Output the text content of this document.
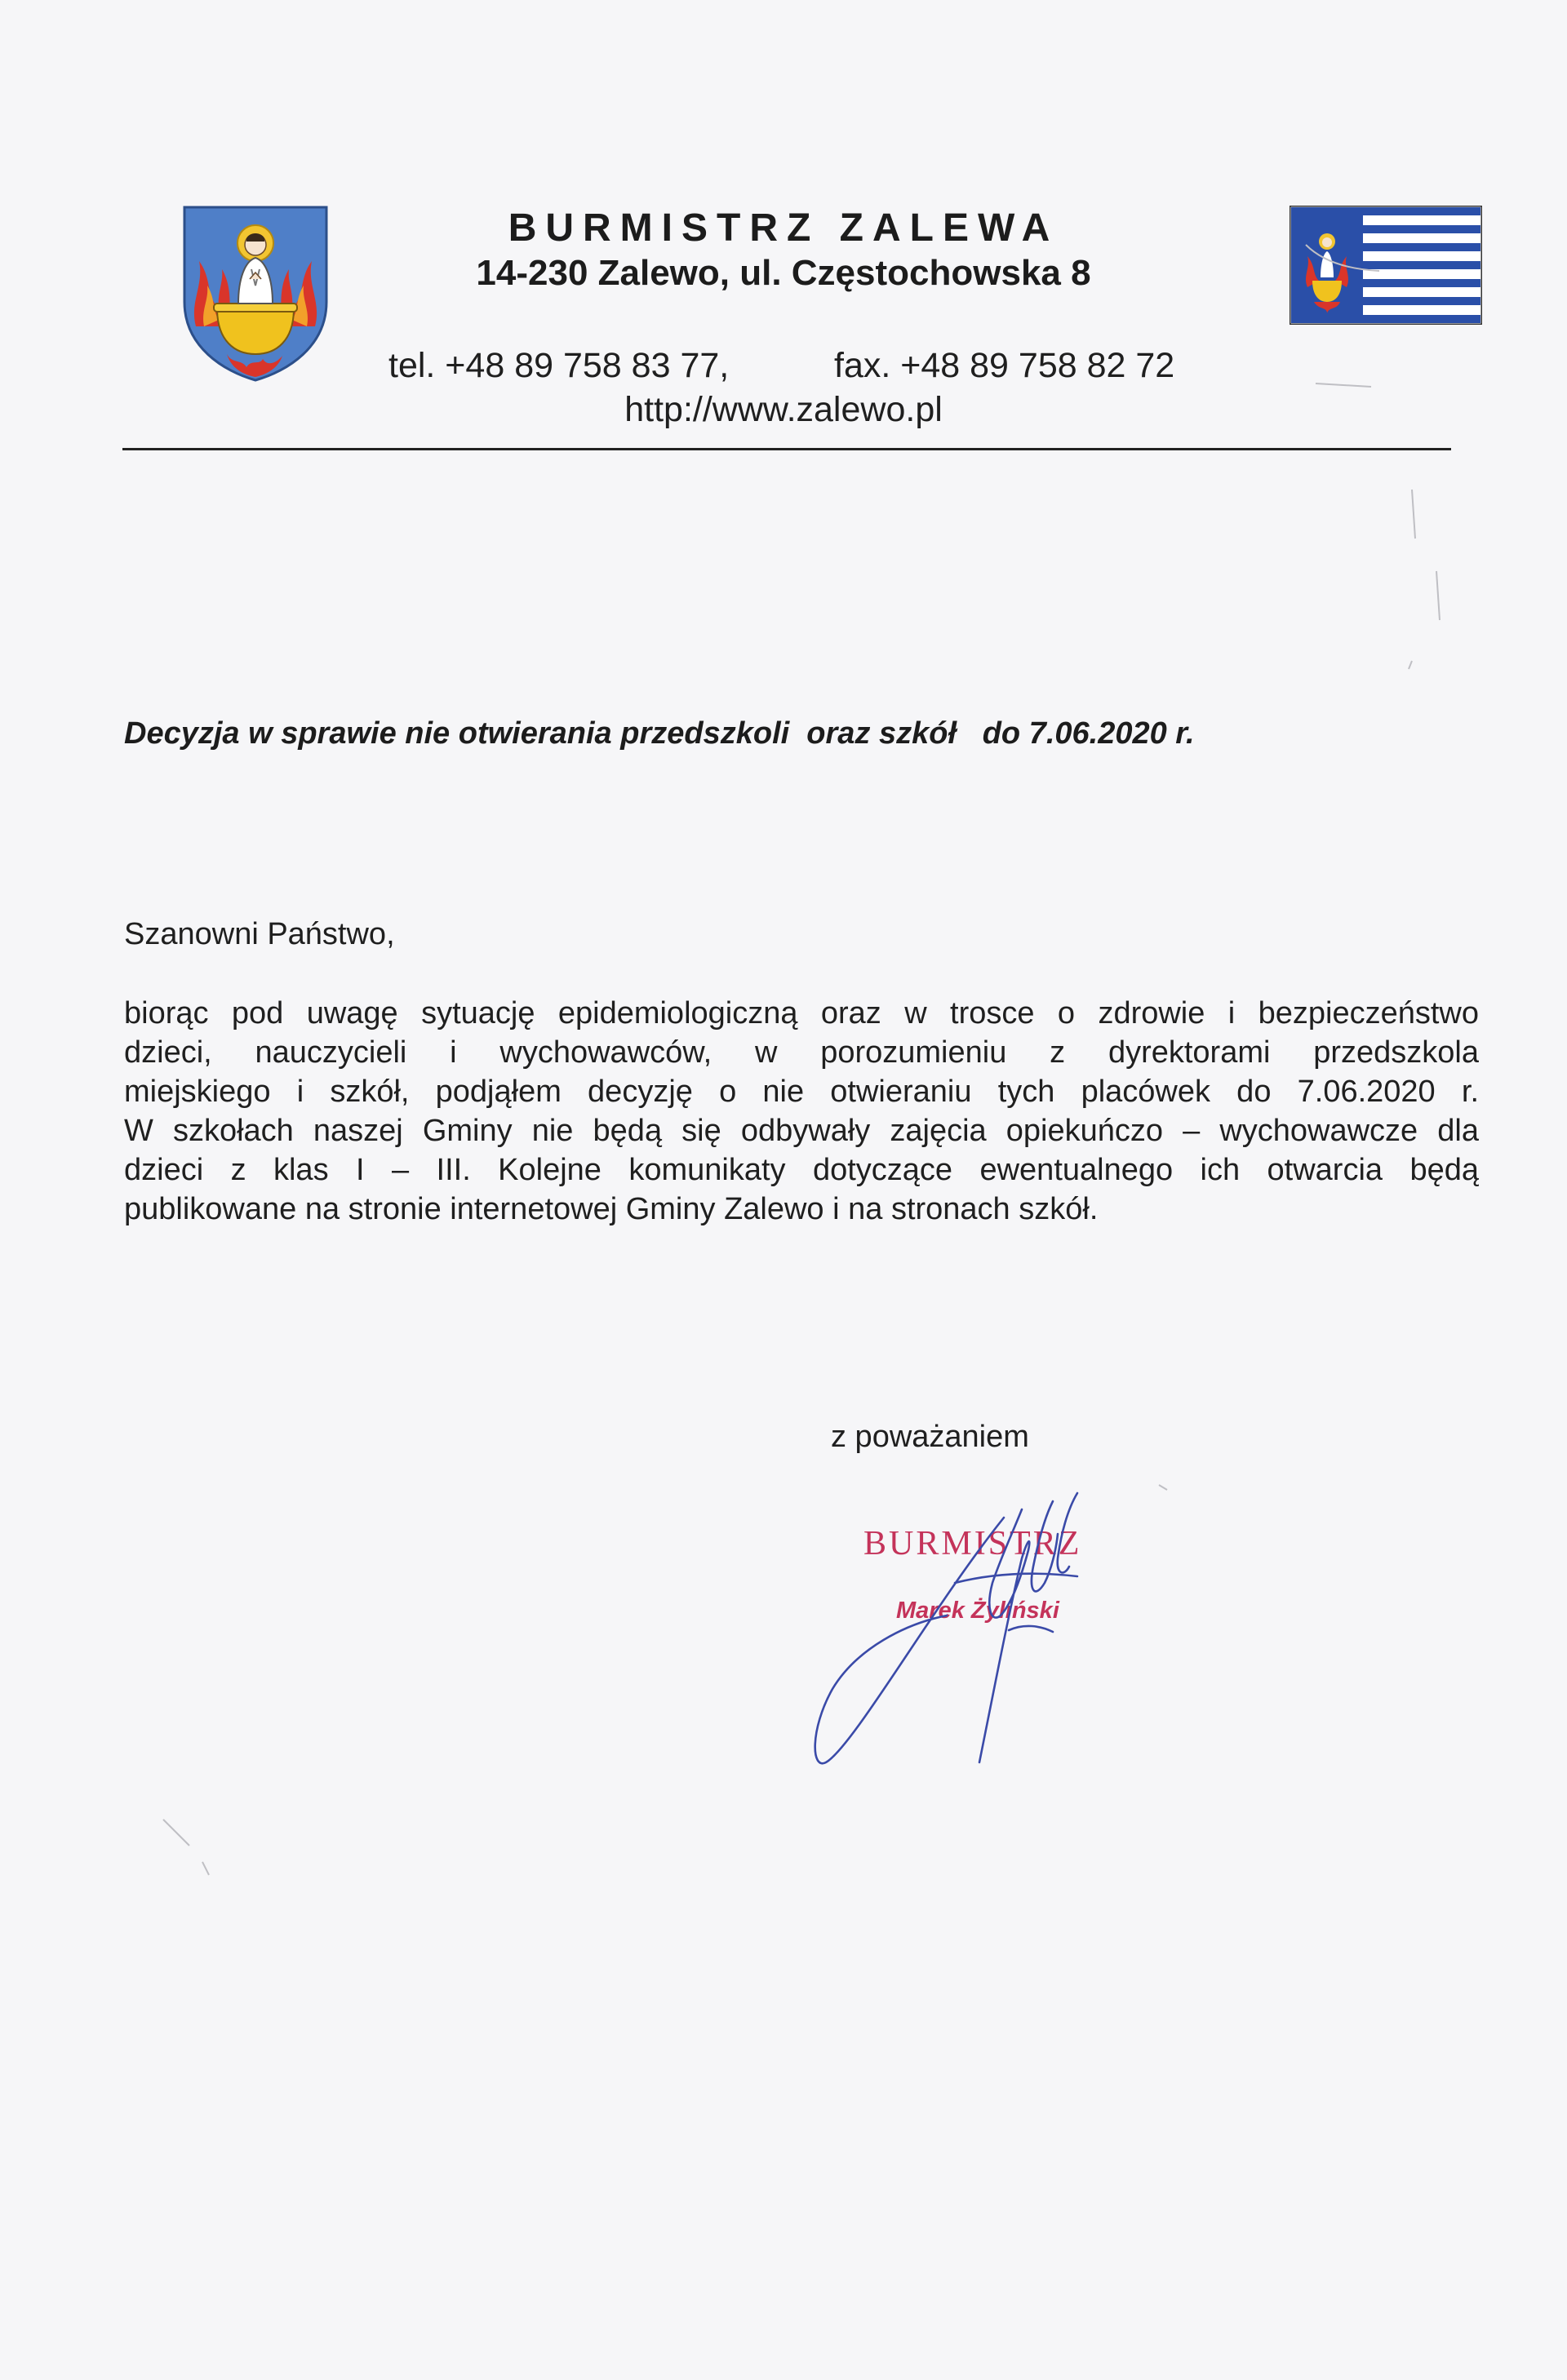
BURMISTRZ ZALEWA
14-230 Zalewo, ul. Częstochowska 8
tel. +48 89 758 83 77,	fax. +48 89 758 82 72
http://www.zalewo.pl
Decyzja w sprawie nie otwierania przedszkoli  oraz szkół   do 7.06.2020 r.
Szanowni Państwo,
biorąc pod uwagę sytuację epidemiologiczną oraz w trosce o zdrowie i bezpieczeństwo
dzieci, nauczycieli i wychowawców, w porozumieniu z dyrektorami przedszkola
miejskiego i szkół, podjąłem decyzję o nie otwieraniu tych placówek do 7.06.2020 r.
W szkołach naszej Gminy nie będą się odbywały zajęcia opiekuńczo – wychowawcze dla
dzieci z klas I – III. Kolejne komunikaty dotyczące ewentualnego ich otwarcia będą
publikowane na stronie internetowej Gminy Zalewo i na stronach szkół.
z poważaniem
BURMISTRZ
Marek Żyliński
